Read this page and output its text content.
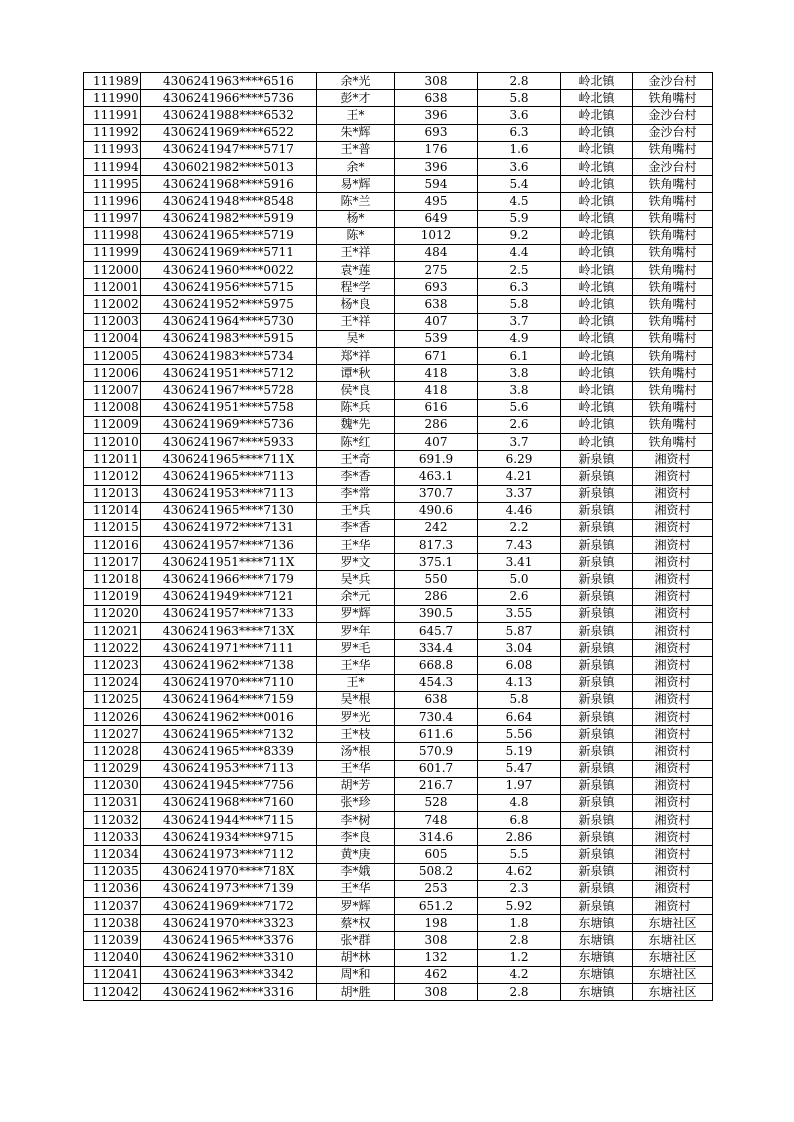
111989	4306241963****6516	余*光	308	2.8	岭北镇	金沙台村
111990	4306241966****5736	彭*才	638	5.8	岭北镇	铁角嘴村
111991	4306241988****6532	王*	396	3.6	岭北镇	金沙台村
111992	4306241969****6522	朱*辉	693	6.3	岭北镇	金沙台村
111993	4306241947****5717	王*普	176	1.6	岭北镇	铁角嘴村
111994	4306021982****5013	余*	396	3.6	岭北镇	金沙台村
111995	4306241968****5916	易*辉	594	5.4	岭北镇	铁角嘴村
111996	4306241948****8548	陈*兰	495	4.5	岭北镇	铁角嘴村
111997	4306241982****5919	杨*	649	5.9	岭北镇	铁角嘴村
111998	4306241965****5719	陈*	1012	9.2	岭北镇	铁角嘴村
111999	4306241969****5711	王*祥	484	4.4	岭北镇	铁角嘴村
112000	4306241960****0022	袁*莲	275	2.5	岭北镇	铁角嘴村
112001	4306241956****5715	程*学	693	6.3	岭北镇	铁角嘴村
112002	4306241952****5975	杨*良	638	5.8	岭北镇	铁角嘴村
112003	4306241964****5730	王*祥	407	3.7	岭北镇	铁角嘴村
112004	4306241983****5915	吴*	539	4.9	岭北镇	铁角嘴村
112005	4306241983****5734	郑*祥	671	6.1	岭北镇	铁角嘴村
112006	4306241951****5712	谭*秋	418	3.8	岭北镇	铁角嘴村
112007	4306241967****5728	侯*良	418	3.8	岭北镇	铁角嘴村
112008	4306241951****5758	陈*兵	616	5.6	岭北镇	铁角嘴村
112009	4306241969****5736	魏*先	286	2.6	岭北镇	铁角嘴村
112010	4306241967****5933	陈*红	407	3.7	岭北镇	铁角嘴村
112011	4306241965****711X	王*奇	691.9	6.29	新泉镇	湘资村
112012	4306241965****7113	李*香	463.1	4.21	新泉镇	湘资村
112013	4306241953****7113	李*常	370.7	3.37	新泉镇	湘资村
112014	4306241965****7130	王*兵	490.6	4.46	新泉镇	湘资村
112015	4306241972****7131	李*香	242	2.2	新泉镇	湘资村
112016	4306241957****7136	王*华	817.3	7.43	新泉镇	湘资村
112017	4306241951****711X	罗*文	375.1	3.41	新泉镇	湘资村
112018	4306241966****7179	吴*兵	550	5.0	新泉镇	湘资村
112019	4306241949****7121	余*元	286	2.6	新泉镇	湘资村
112020	4306241957****7133	罗*辉	390.5	3.55	新泉镇	湘资村
112021	4306241963****713X	罗*年	645.7	5.87	新泉镇	湘资村
112022	4306241971****7111	罗*毛	334.4	3.04	新泉镇	湘资村
112023	4306241962****7138	王*华	668.8	6.08	新泉镇	湘资村
112024	4306241970****7110	王*	454.3	4.13	新泉镇	湘资村
112025	4306241964****7159	吴*根	638	5.8	新泉镇	湘资村
112026	4306241962****0016	罗*光	730.4	6.64	新泉镇	湘资村
112027	4306241965****7132	王*枝	611.6	5.56	新泉镇	湘资村
112028	4306241965****8339	汤*根	570.9	5.19	新泉镇	湘资村
112029	4306241953****7113	王*华	601.7	5.47	新泉镇	湘资村
112030	4306241945****7756	胡*芳	216.7	1.97	新泉镇	湘资村
112031	4306241968****7160	张*珍	528	4.8	新泉镇	湘资村
112032	4306241944****7115	李*树	748	6.8	新泉镇	湘资村
112033	4306241934****9715	李*良	314.6	2.86	新泉镇	湘资村
112034	4306241973****7112	黄*庚	605	5.5	新泉镇	湘资村
112035	4306241970****718X	李*娥	508.2	4.62	新泉镇	湘资村
112036	4306241973****7139	王*华	253	2.3	新泉镇	湘资村
112037	4306241969****7172	罗*辉	651.2	5.92	新泉镇	湘资村
112038	4306241970****3323	蔡*权	198	1.8	东塘镇	东塘社区
112039	4306241965****3376	张*群	308	2.8	东塘镇	东塘社区
112040	4306241962****3310	胡*林	132	1.2	东塘镇	东塘社区
112041	4306241963****3342	周*和	462	4.2	东塘镇	东塘社区
112042	4306241962****3316	胡*胜	308	2.8	东塘镇	东塘社区
